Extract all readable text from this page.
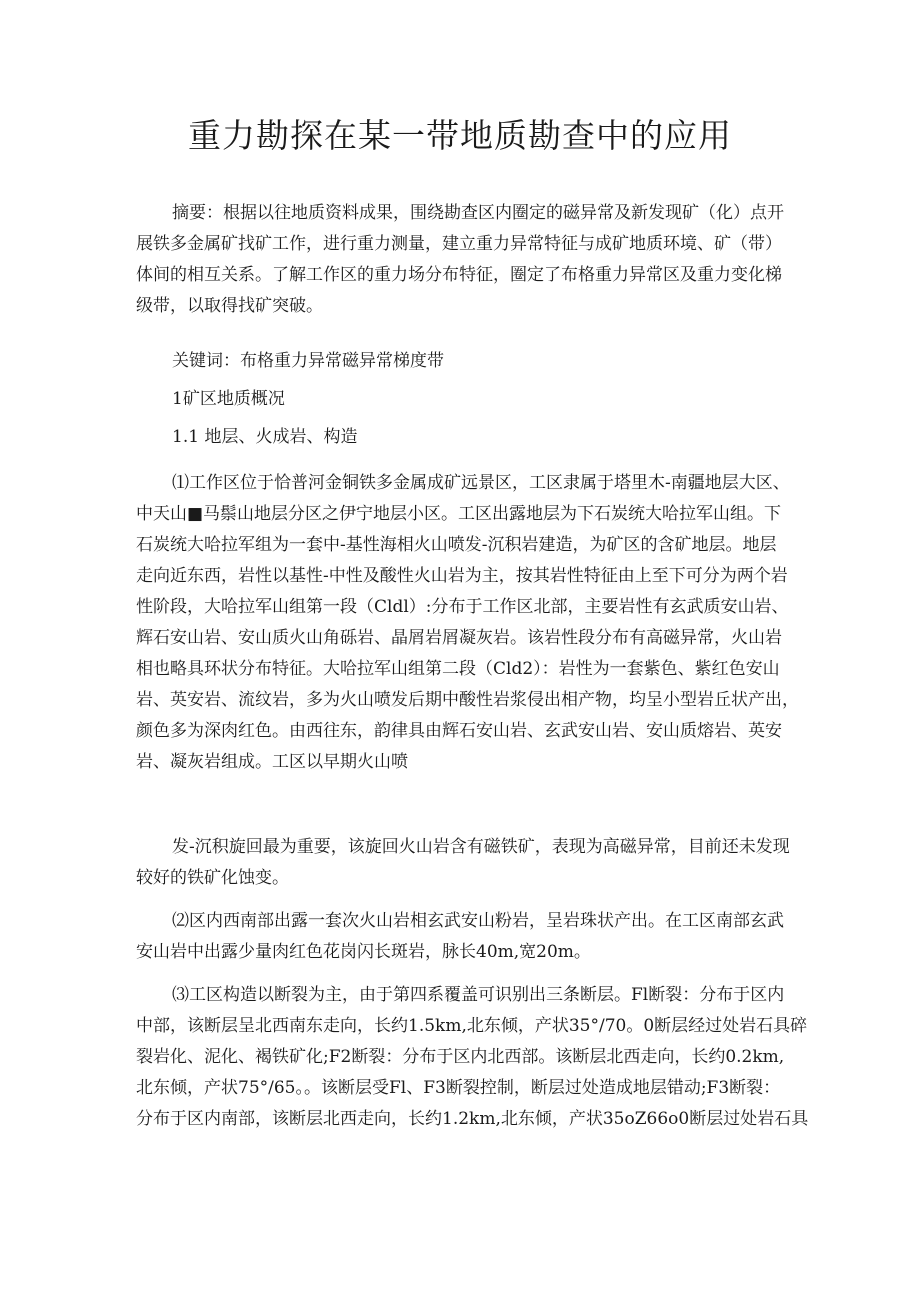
重力勘探在某一带地质勘查中的应用
摘要：根据以往地质资料成果，围绕勘查区内圈定的磁异常及新发现矿（化）点开
展铁多金属矿找矿工作，进行重力测量，建立重力异常特征与成矿地质环境、矿（带）
体间的相互关系。了解工作区的重力场分布特征，圈定了布格重力异常区及重力变化梯
级带，以取得找矿突破。
关键词：布格重力异常磁异常梯度带
1矿区地质概况
1.1 地层、火成岩、构造
⑴工作区位于恰普河金铜铁多金属成矿远景区，工区隶属于塔里木-南疆地层大区、
中天山■马鬃山地层分区之伊宁地层小区。工区出露地层为下石炭统大哈拉军山组。下
石炭统大哈拉军组为一套中-基性海相火山喷发-沉积岩建造，为矿区的含矿地层。地层
走向近东西，岩性以基性-中性及酸性火山岩为主，按其岩性特征由上至下可分为两个岩
性阶段，大哈拉军山组第一段（Cldl）:分布于工作区北部，主要岩性有玄武质安山岩、
辉石安山岩、安山质火山角砾岩、晶屑岩屑凝灰岩。该岩性段分布有高磁异常，火山岩
相也略具环状分布特征。大哈拉军山组第二段（Cld2）：岩性为一套紫色、紫红色安山
岩、英安岩、流纹岩，多为火山喷发后期中酸性岩浆侵出相产物，均呈小型岩丘状产出，
颜色多为深肉红色。由西往东，韵律具由辉石安山岩、玄武安山岩、安山质熔岩、英安
岩、凝灰岩组成。工区以早期火山喷
发-沉积旋回最为重要，该旋回火山岩含有磁铁矿，表现为高磁异常，目前还未发现
较好的铁矿化蚀变。
⑵区内西南部出露一套次火山岩相玄武安山粉岩，呈岩珠状产出。在工区南部玄武
安山岩中出露少量肉红色花岗闪长斑岩，脉长40m,宽20m。
⑶工区构造以断裂为主，由于第四系覆盖可识别出三条断层。Fl断裂：分布于区内
中部，该断层呈北西南东走向，长约1.5km,北东倾，产状35°/70。0断层经过处岩石具碎
裂岩化、泥化、褐铁矿化;F2断裂：分布于区内北西部。该断层北西走向，长约0.2km,
北东倾，产状75°/65。。该断层受Fl、F3断裂控制，断层过处造成地层错动;F3断裂：
分布于区内南部，该断层北西走向，长约1.2km,北东倾，产状35oZ66o0断层过处岩石具
